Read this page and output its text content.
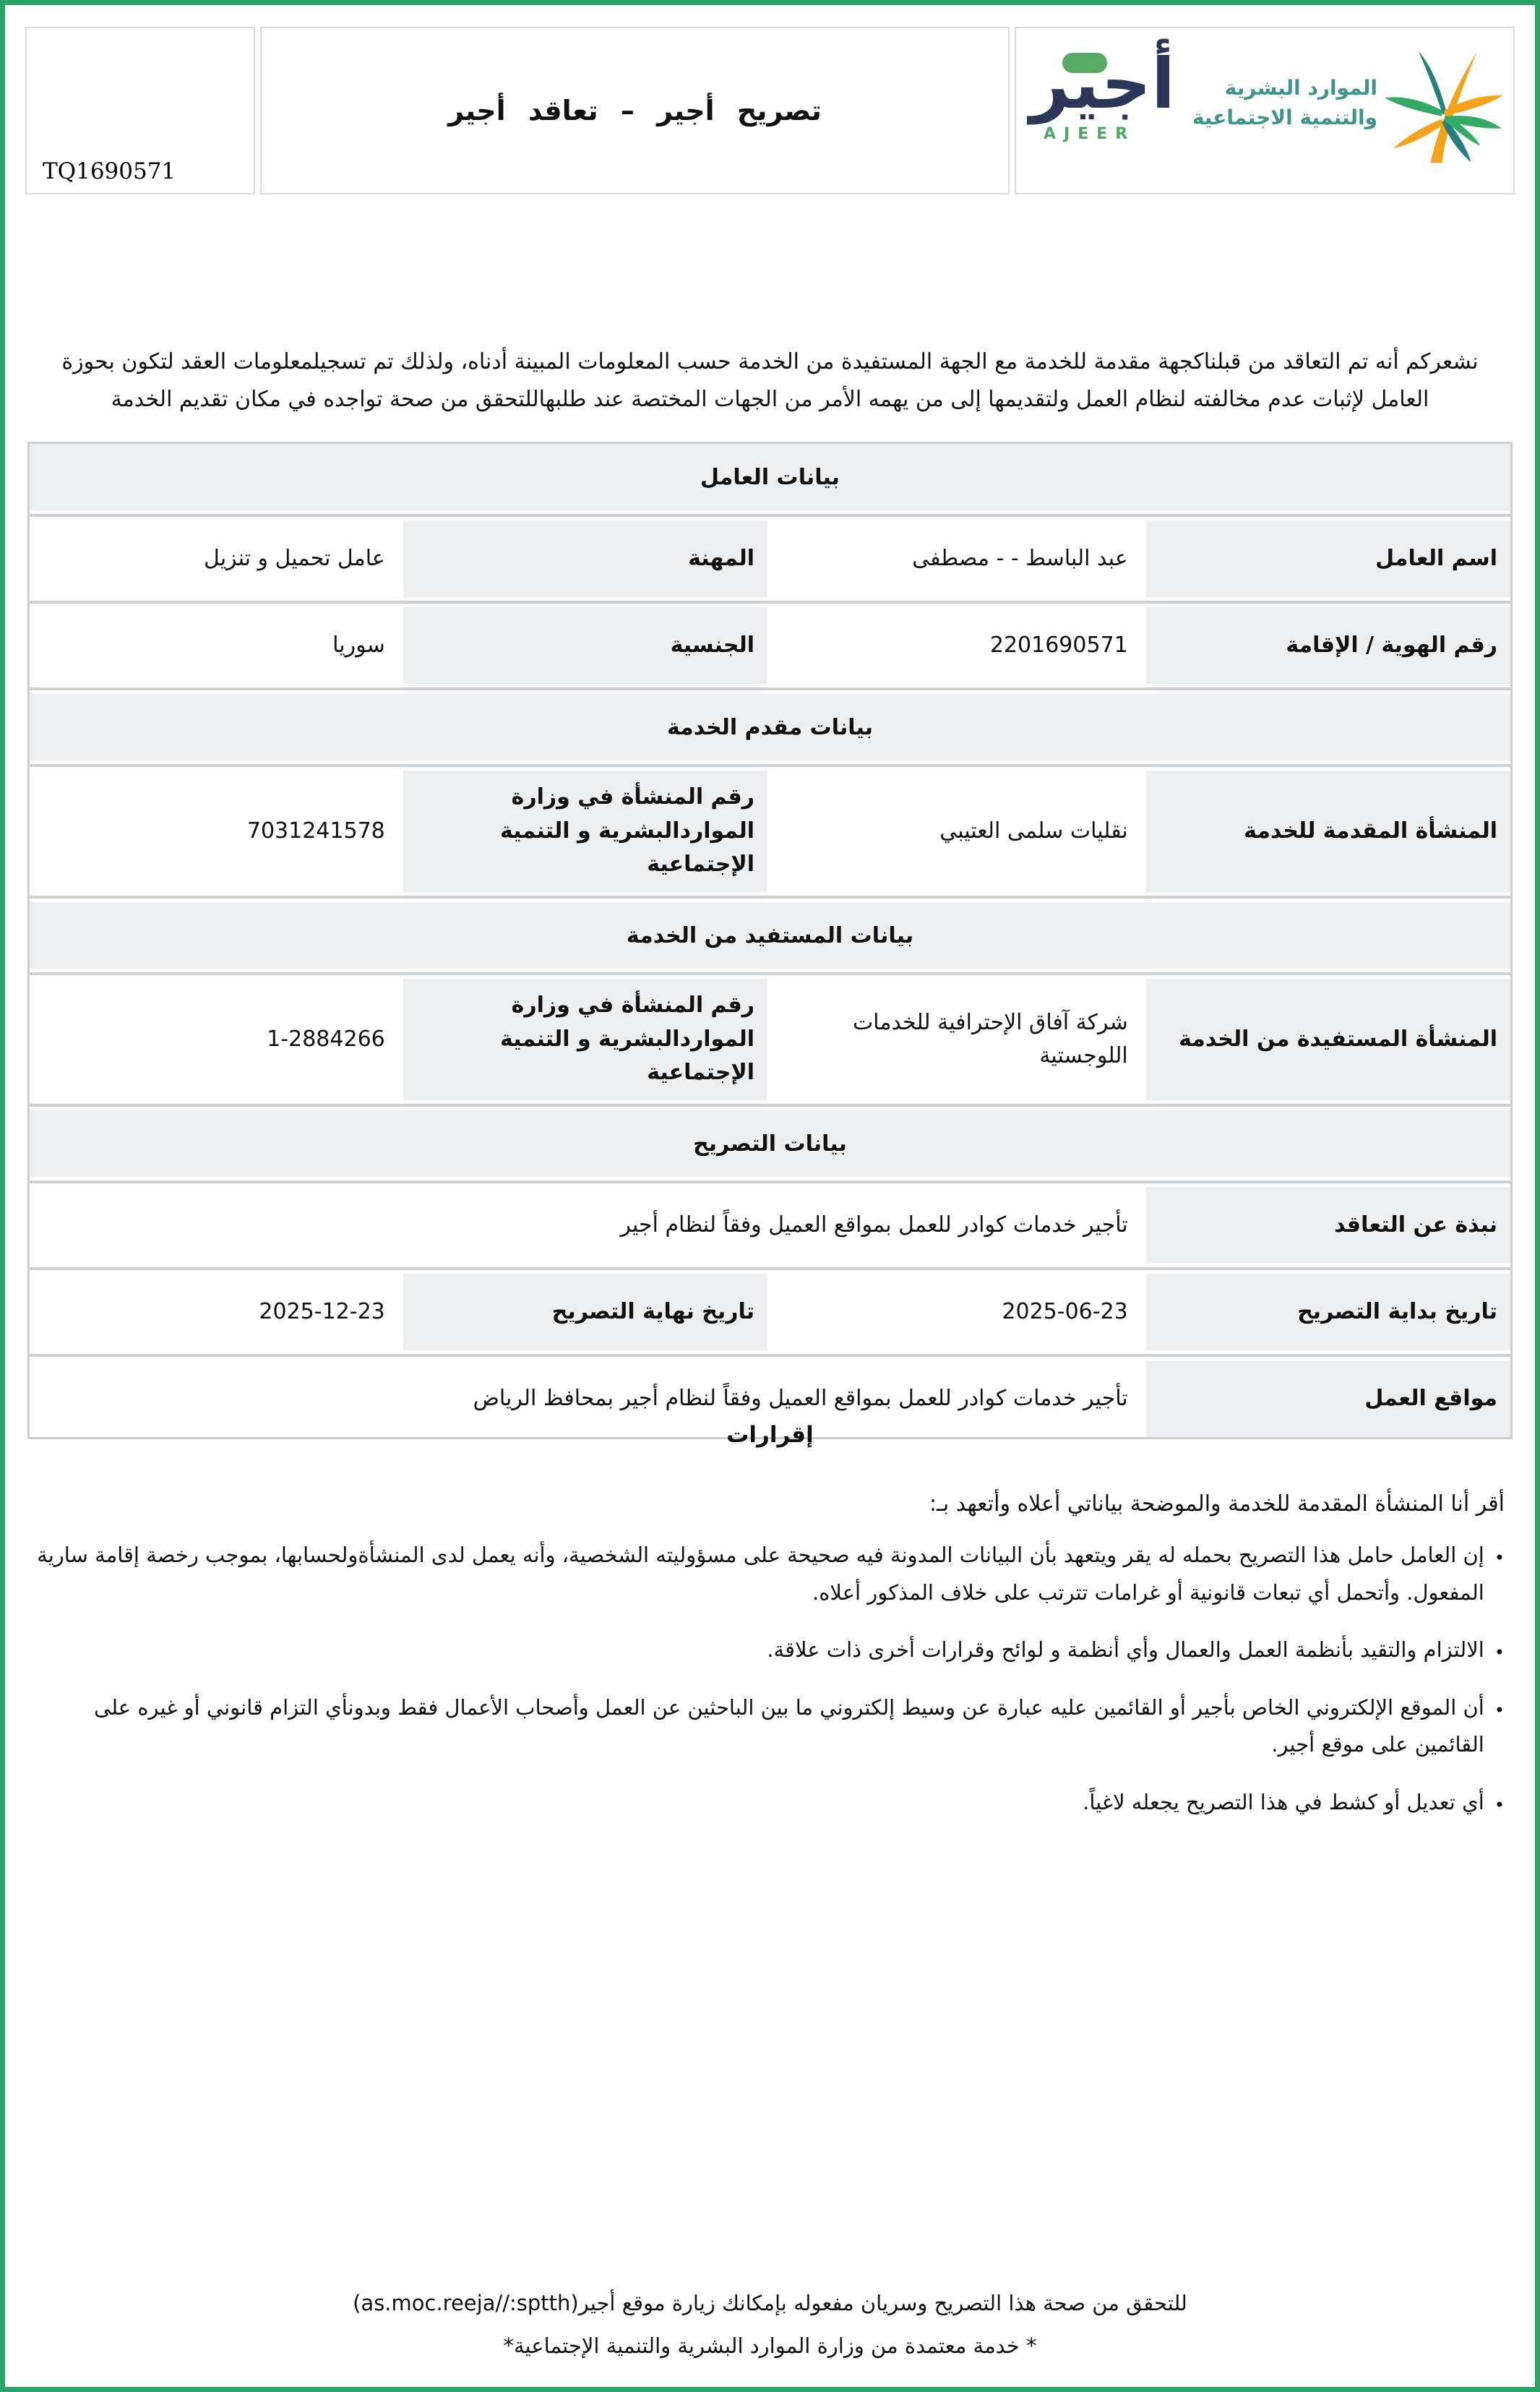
TQ1690571
تصريح أجير – تعاقد أجير	أجير
AJEER
الموارد البشرية
والتنمية الاجتماعية
نشعركم أنه تم التعاقد من قبلناكجهة مقدمة للخدمة مع الجهة المستفيدة من الخدمة حسب المعلومات المبينة أدناه، ولذلك تم تسجيلمعلومات العقد لتكون بحوزة العامل لإثبات عدم مخالفته لنظام العمل ولتقديمها إلى من يهمه الأمر من الجهات المختصة عند طلبهاللتحقق من صحة تواجده في مكان تقديم الخدمة
بيانات العامل
اسم العامل
عبد الباسط - - مصطفى
المهنة
عامل تحميل و تنزيل
رقم الهوية / الإقامة
2201690571
الجنسية
سوريا
بيانات مقدم الخدمة
المنشأة المقدمة للخدمة
نقليات سلمى العتيبي
رقم المنشأة في وزارة المواردالبشرية و التنمية الإجتماعية
7031241578
بيانات المستفيد من الخدمة
المنشأة المستفيدة من الخدمة
شركة آفاق الإحترافية للخدمات اللوجستية
رقم المنشأة في وزارة المواردالبشرية و التنمية الإجتماعية
1-2884266
بيانات التصريح
نبذة عن التعاقد
تأجير خدمات كوادر للعمل بمواقع العميل وفقاً لنظام أجير
تاريخ بداية التصريح
2025-06-23
تاريخ نهاية التصريح
2025-12-23
مواقع العمل
تأجير خدمات كوادر للعمل بمواقع العميل وفقاً لنظام أجير بمحافظ الرياض
إقرارات
أقر أنا المنشأة المقدمة للخدمة والموضحة بياناتي أعلاه وأتعهد بـ:
•
إن العامل حامل هذا التصريح بحمله له يقر ويتعهد بأن البيانات المدونة فيه صحيحة على مسؤوليته الشخصية، وأنه يعمل لدى المنشأةولحسابها، بموجب رخصة إقامة سارية المفعول. وأتحمل أي تبعات قانونية أو غرامات تترتب على خلاف المذكور أعلاه.
•
الالتزام والتقيد بأنظمة العمل والعمال وأي أنظمة و لوائح وقرارات أخرى ذات علاقة.
•
أن الموقع الإلكتروني الخاص بأجير أو القائمين عليه عبارة عن وسيط إلكتروني ما بين الباحثين عن العمل وأصحاب الأعمال فقط وبدونأي التزام قانوني أو غيره على القائمين على موقع أجير.
•
أي تعديل أو كشط في هذا التصريح يجعله لاغياً.
للتحقق من صحة هذا التصريح وسريان مفعوله بإمكانك زيارة موقع أجير(as.moc.reeja//:sptth)
* خدمة معتمدة من وزارة الموارد البشرية والتنمية الإجتماعية*
